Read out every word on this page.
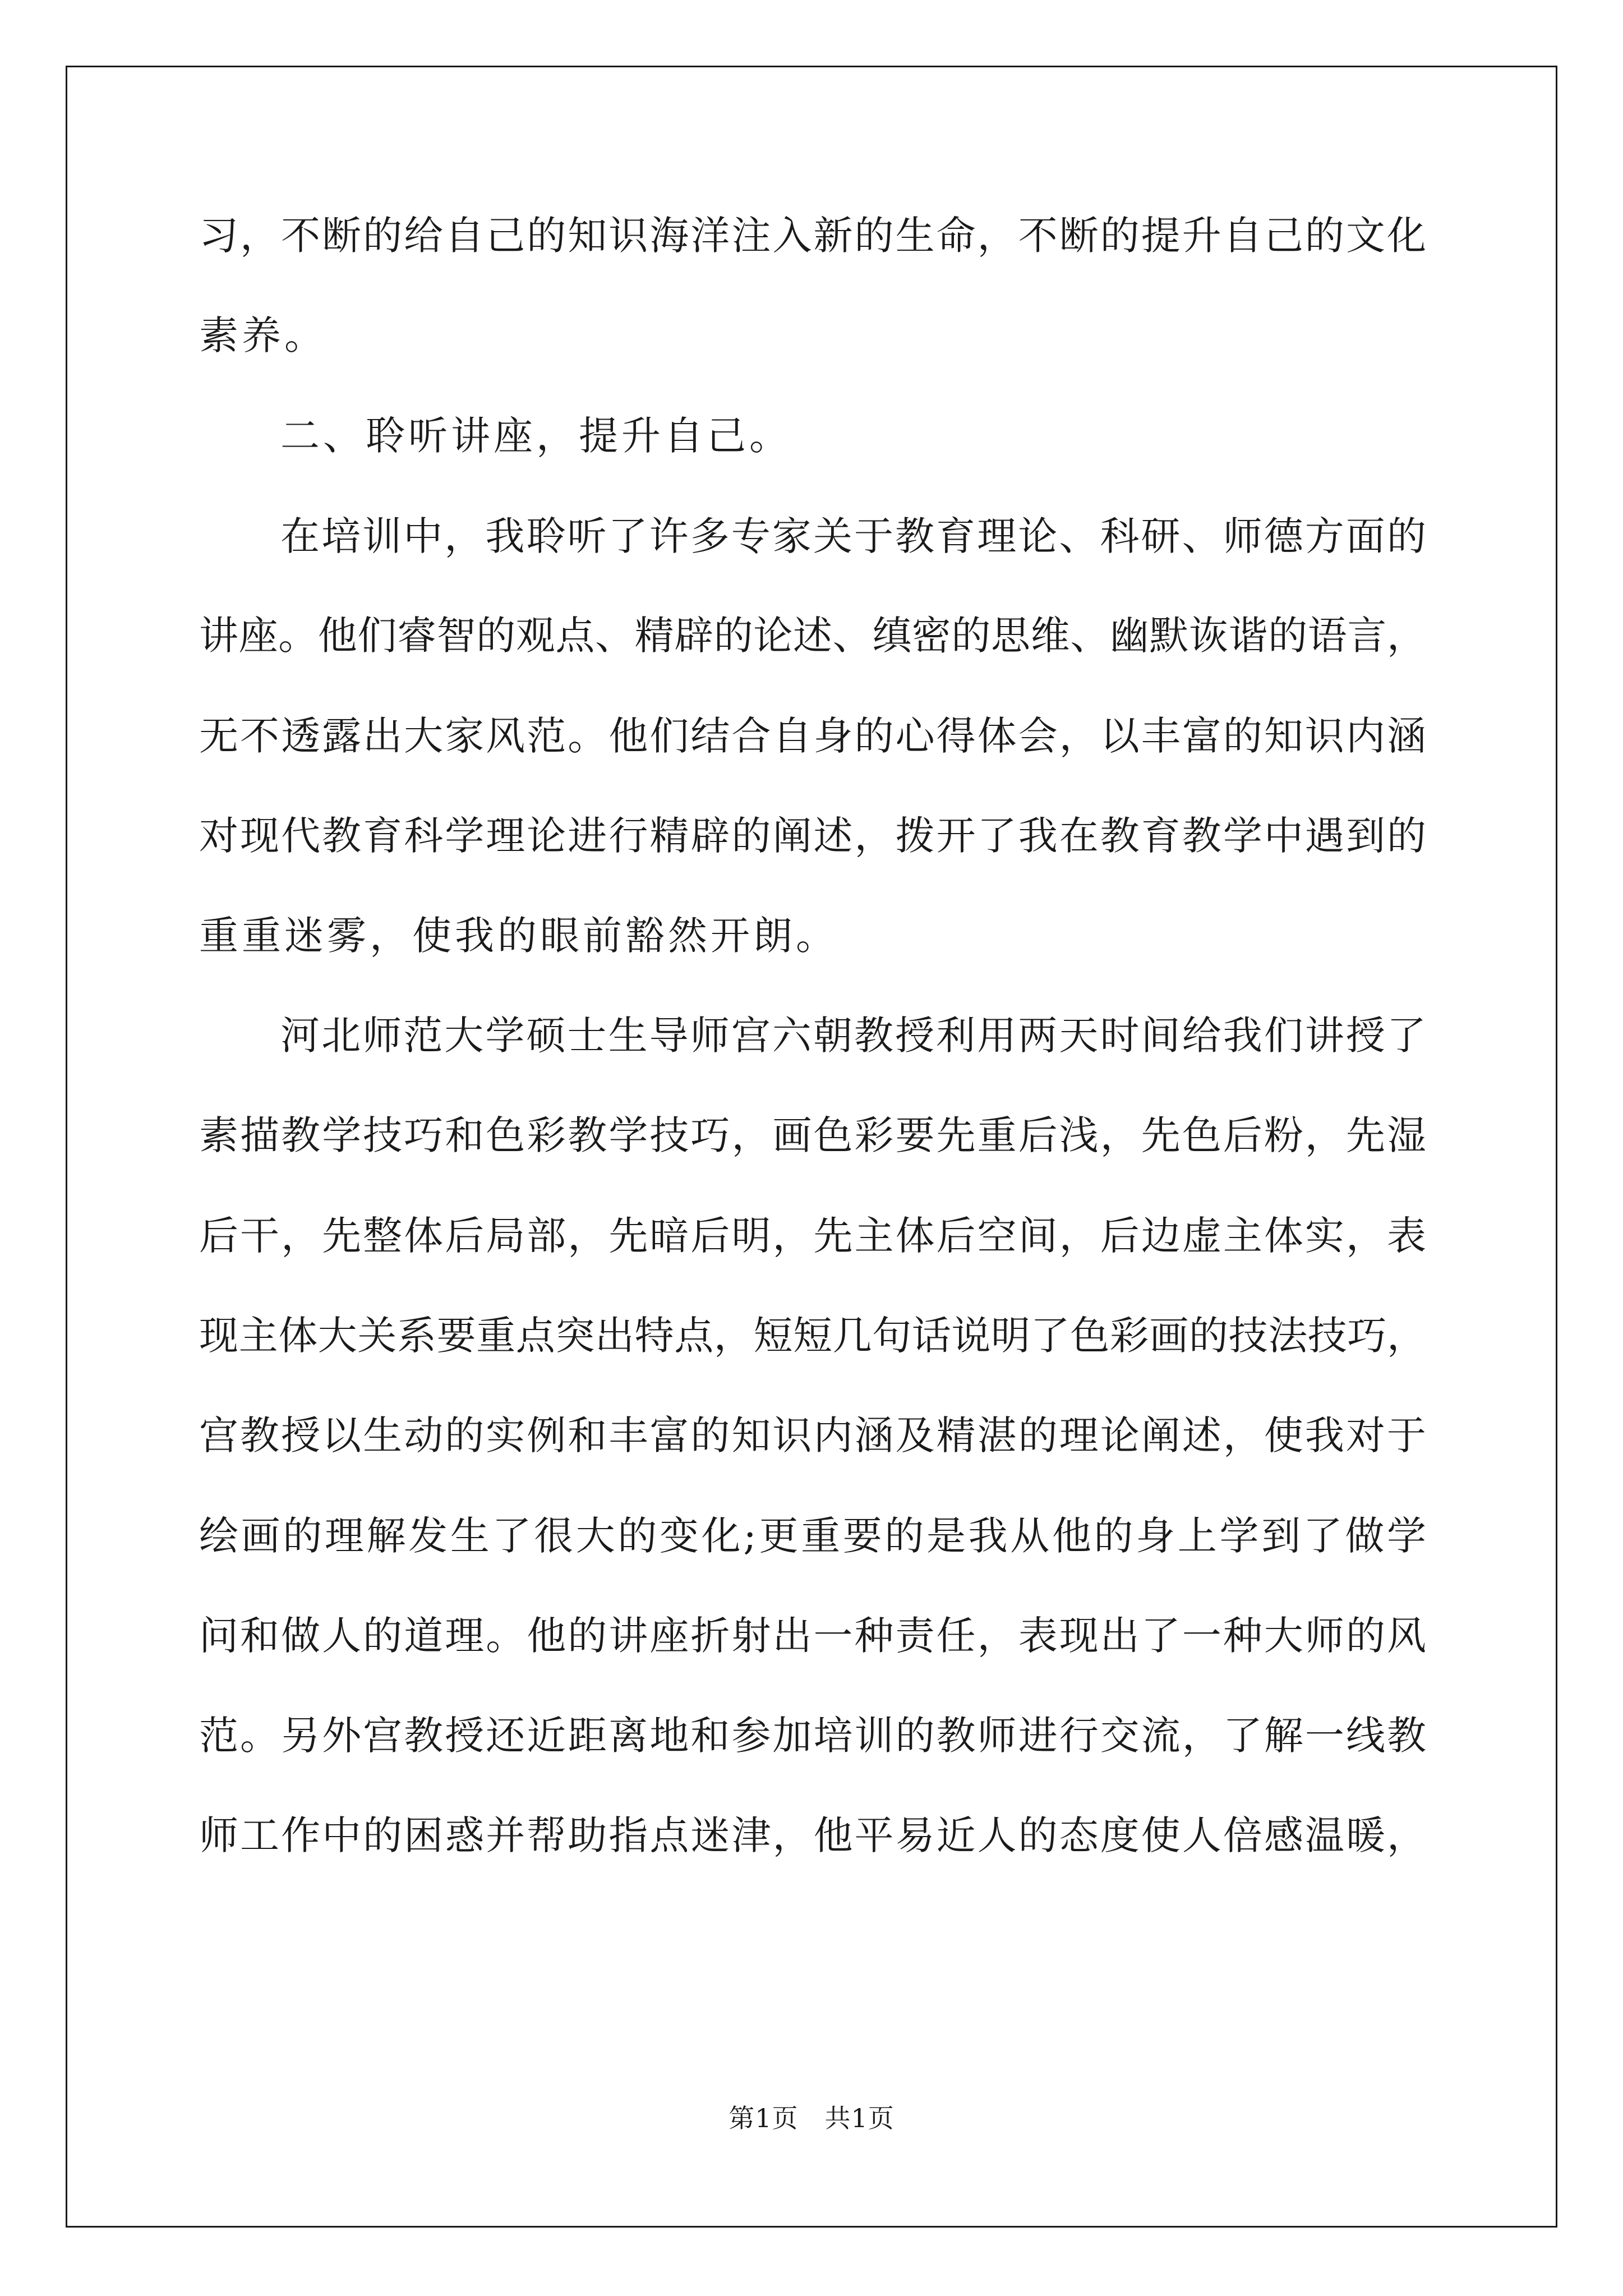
习，不断的给自己的知识海洋注入新的生命，不断的提升自己的文化
素养。
二、聆听讲座，提升自己。
在培训中，我聆听了许多专家关于教育理论、科研、师德方面的
讲座。他们睿智的观点、精辟的论述、缜密的思维、幽默诙谐的语言，
无不透露出大家风范。他们结合自身的心得体会，以丰富的知识内涵
对现代教育科学理论进行精辟的阐述，拨开了我在教育教学中遇到的
重重迷雾，使我的眼前豁然开朗。
河北师范大学硕士生导师宫六朝教授利用两天时间给我们讲授了
素描教学技巧和色彩教学技巧，画色彩要先重后浅，先色后粉，先湿
后干，先整体后局部，先暗后明，先主体后空间，后边虚主体实，表
现主体大关系要重点突出特点，短短几句话说明了色彩画的技法技巧，
宫教授以生动的实例和丰富的知识内涵及精湛的理论阐述，使我对于
绘画的理解发生了很大的变化;更重要的是我从他的身上学到了做学
问和做人的道理。他的讲座折射出一种责任，表现出了一种大师的风
范。另外宫教授还近距离地和参加培训的教师进行交流，了解一线教
师工作中的困惑并帮助指点迷津，他平易近人的态度使人倍感温暖，
第1页　共1页
